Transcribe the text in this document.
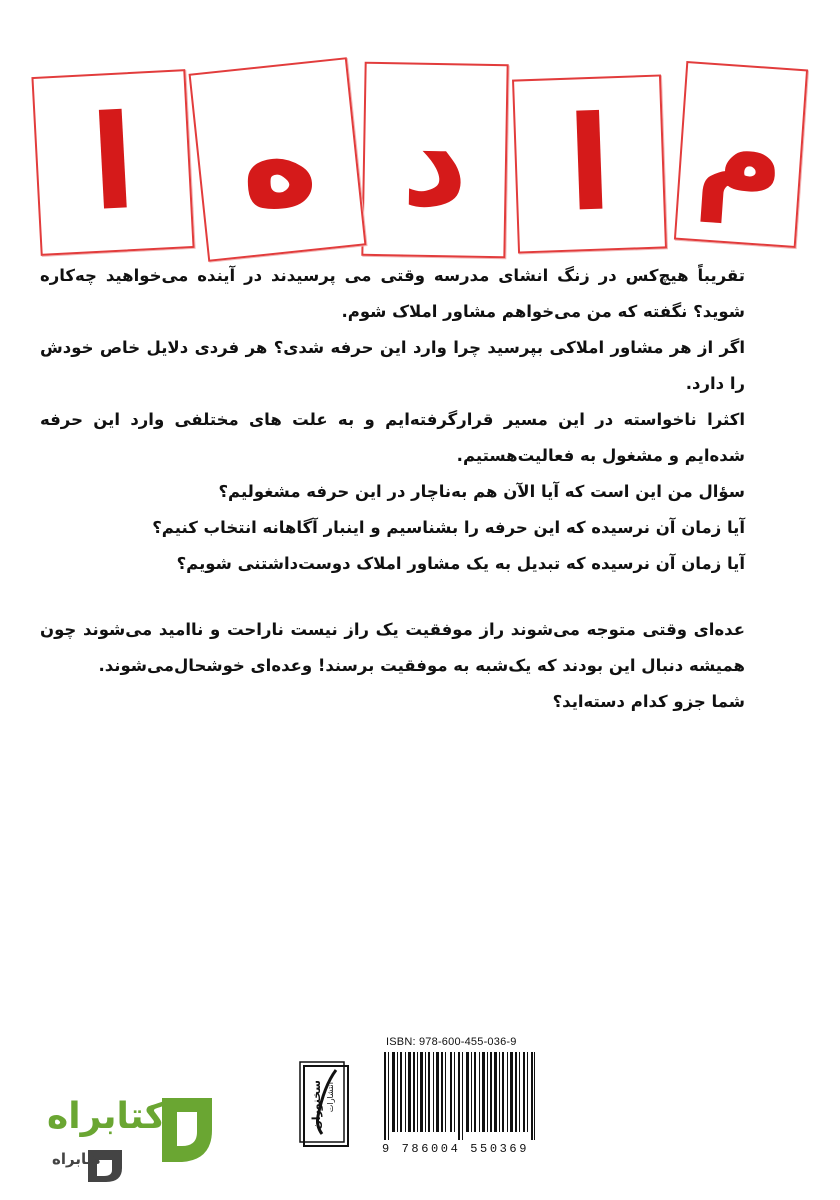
م
ا
د
ه
ا

تقریباً هیچ‌کس در زنگ انشای مدرسه وقتی می پرسیدند در آینده می‌خواهید چه‌کاره شوید؟ نگفته که من می‌خواهم مشاور املاک شوم.

اگر از هر مشاور املاکی بپرسید چرا وارد این حرفه شدی؟ هر فردی دلایل خاص خودش را دارد.

اکثرا ناخواسته در این مسیر قرارگرفته‌ایم و به علت های مختلفی وارد این حرفه شده‌ایم و مشغول به فعالیت‌هستیم.

سؤال من این است که آیا الآن هم به‌ناچار در این حرفه مشغولیم؟

آیا زمان آن نرسیده که این حرفه را بشناسیم و اینبار آگاهانه انتخاب کنیم؟

آیا زمان آن نرسیده که تبدیل به یک مشاور املاک دوست‌داشتنی شویم؟

عده‌ای وقتی متوجه می‌شوند راز موفقیت یک راز نیست ناراحت و ناامید می‌شوند چون همیشه دنبال این بودند که یک‌شبه به موفقیت برسند! وعده‌ای خوشحال‌می‌شوند.

شما جزو کدام دسته‌اید؟

سخنوران انتشارات
ISBN: 978-600-455-036-9
9 786004 550369
کتابراه
کتابراه
